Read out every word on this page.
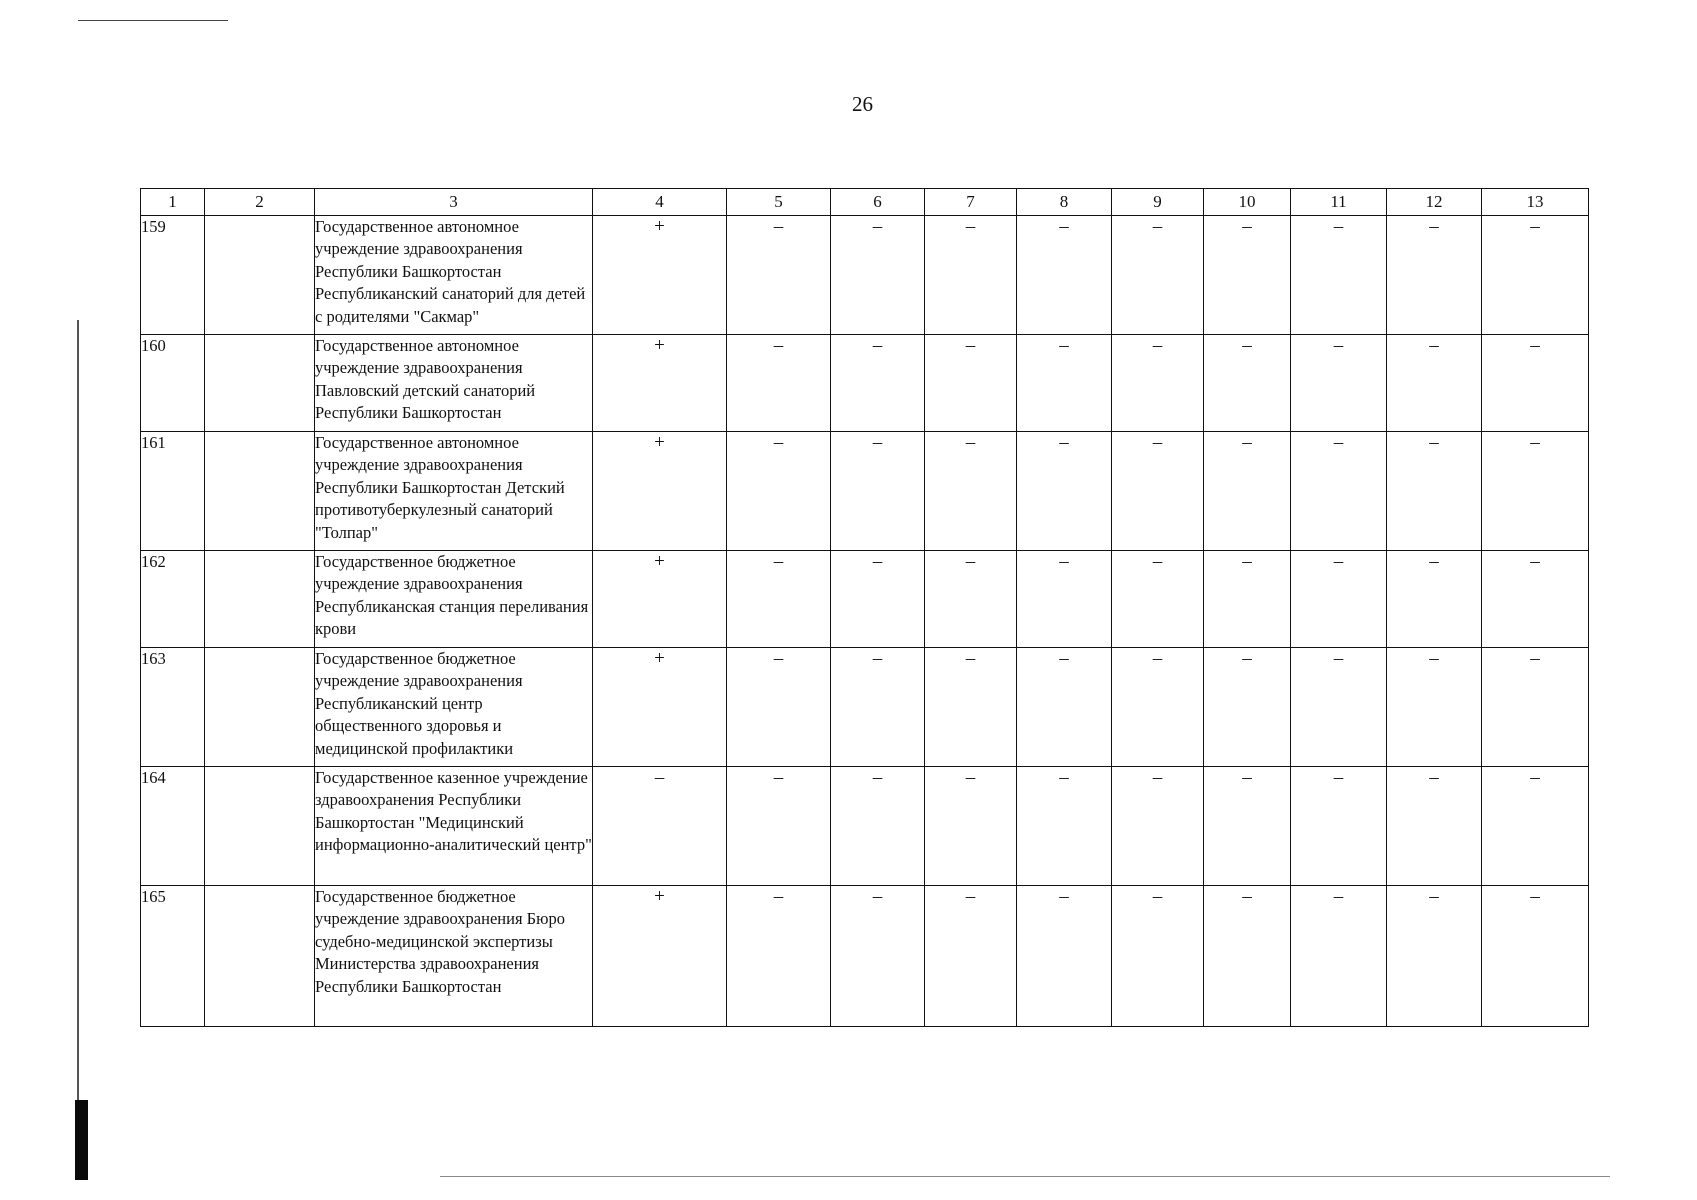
26
1	2	3	4	5	6	7	8	9	10	11	12	13
159		Государственное автономное учреждение здравоохранения Республики Башкортостан Республиканский санаторий для детей с родителями "Сакмар"	+	–	–	–	–	–	–	–	–	–
160		Государственное автономное учреждение здравоохранения Павловский детский санаторий Республики Башкортостан	+	–	–	–	–	–	–	–	–	–
161		Государственное автономное учреждение здравоохранения Республики Башкортостан Детский противотуберкулезный санаторий "Толпар"	+	–	–	–	–	–	–	–	–	–
162		Государственное бюджетное учреждение здравоохранения Республиканская станция переливания крови	+	–	–	–	–	–	–	–	–	–
163		Государственное бюджетное учреждение здравоохранения Республиканский центр общественного здоровья и медицинской профилактики	+	–	–	–	–	–	–	–	–	–
164		Государственное казенное учреждение здравоохранения Республики Башкортостан "Медицинский информационно-аналитический центр"	–	–	–	–	–	–	–	–	–	–
165		Государственное бюджетное учреждение здравоохранения Бюро судебно-медицинской экспертизы Министерства здравоохранения Республики Башкортостан	+	–	–	–	–	–	–	–	–	–
